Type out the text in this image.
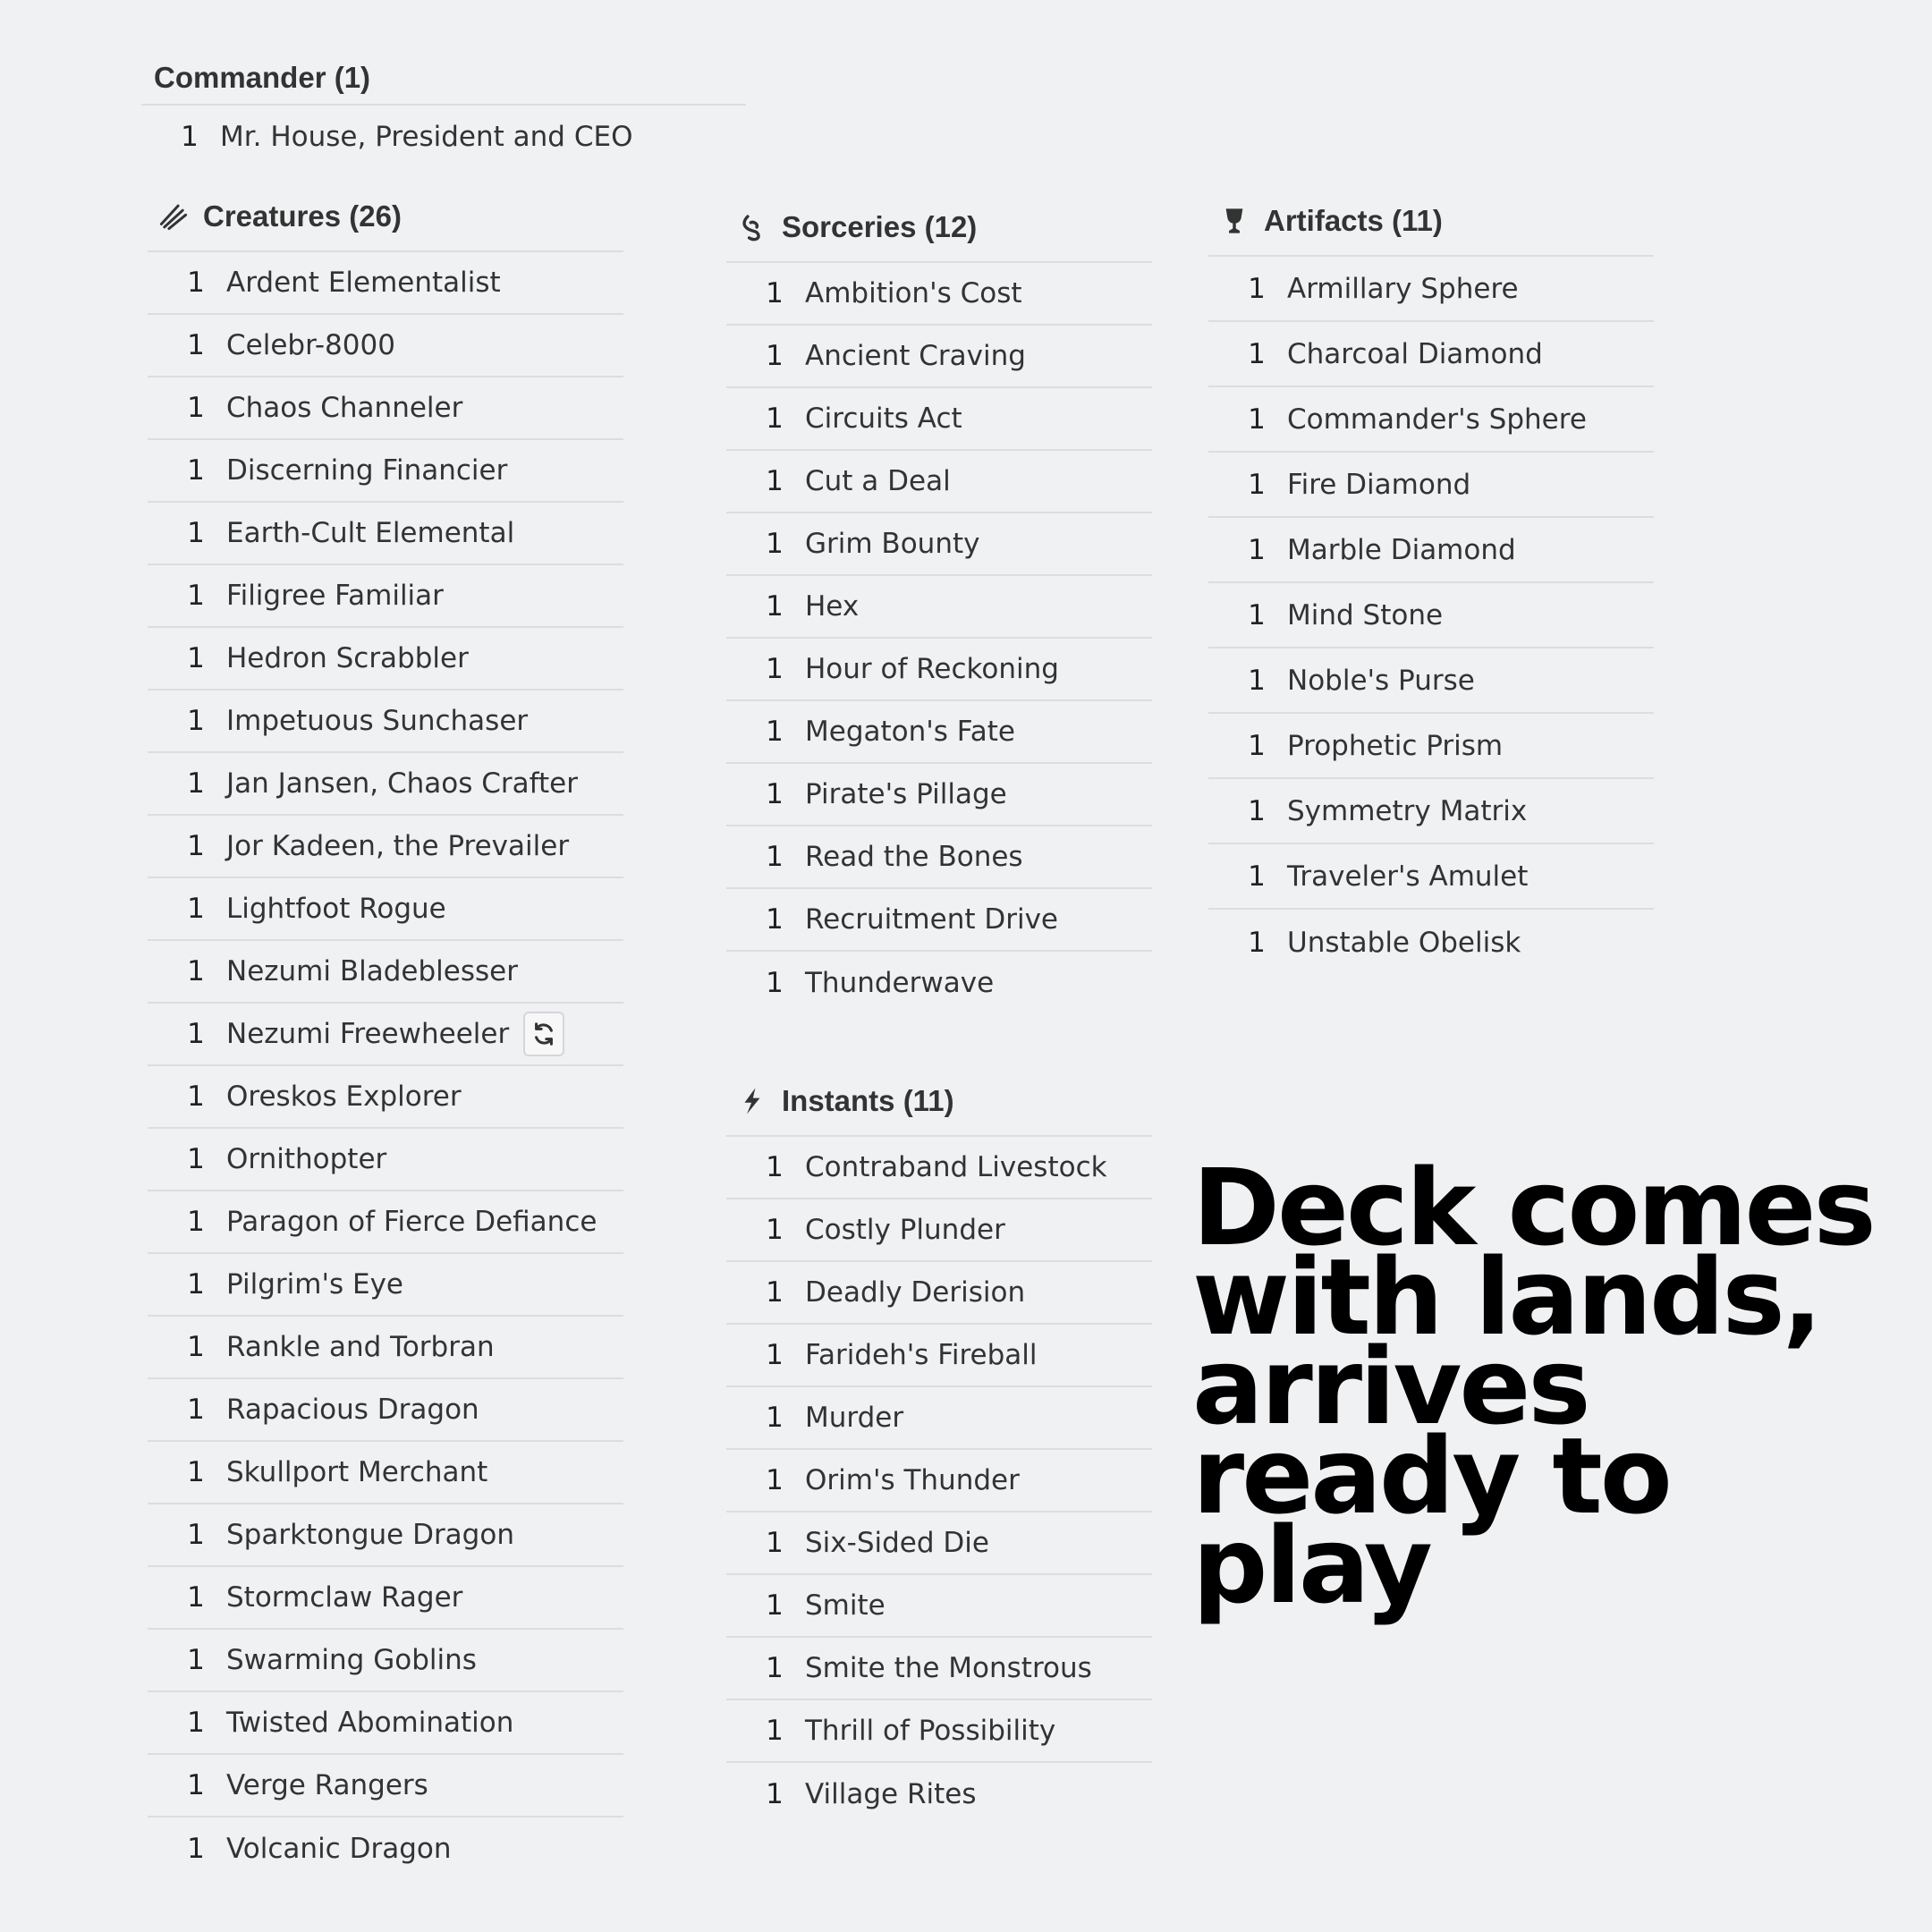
Commander (1)
1 Mr. House, President and CEO
Creatures (26)
1 Ardent Elementalist
1 Celebr-8000
1 Chaos Channeler
1 Discerning Financier
1 Earth-Cult Elemental
1 Filigree Familiar
1 Hedron Scrabbler
1 Impetuous Sunchaser
1 Jan Jansen, Chaos Crafter
1 Jor Kadeen, the Prevailer
1 Lightfoot Rogue
1 Nezumi Bladeblesser
1 Nezumi Freewheeler
1 Oreskos Explorer
1 Ornithopter
1 Paragon of Fierce Defiance
1 Pilgrim's Eye
1 Rankle and Torbran
1 Rapacious Dragon
1 Skullport Merchant
1 Sparktongue Dragon
1 Stormclaw Rager
1 Swarming Goblins
1 Twisted Abomination
1 Verge Rangers
1 Volcanic Dragon
Sorceries (12)
1 Ambition's Cost
1 Ancient Craving
1 Circuits Act
1 Cut a Deal
1 Grim Bounty
1 Hex
1 Hour of Reckoning
1 Megaton's Fate
1 Pirate's Pillage
1 Read the Bones
1 Recruitment Drive
1 Thunderwave
Instants (11)
1 Contraband Livestock
1 Costly Plunder
1 Deadly Derision
1 Farideh's Fireball
1 Murder
1 Orim's Thunder
1 Six-Sided Die
1 Smite
1 Smite the Monstrous
1 Thrill of Possibility
1 Village Rites
Artifacts (11)
1 Armillary Sphere
1 Charcoal Diamond
1 Commander's Sphere
1 Fire Diamond
1 Marble Diamond
1 Mind Stone
1 Noble's Purse
1 Prophetic Prism
1 Symmetry Matrix
1 Traveler's Amulet
1 Unstable Obelisk

Deck comes with lands, arrives ready to play
